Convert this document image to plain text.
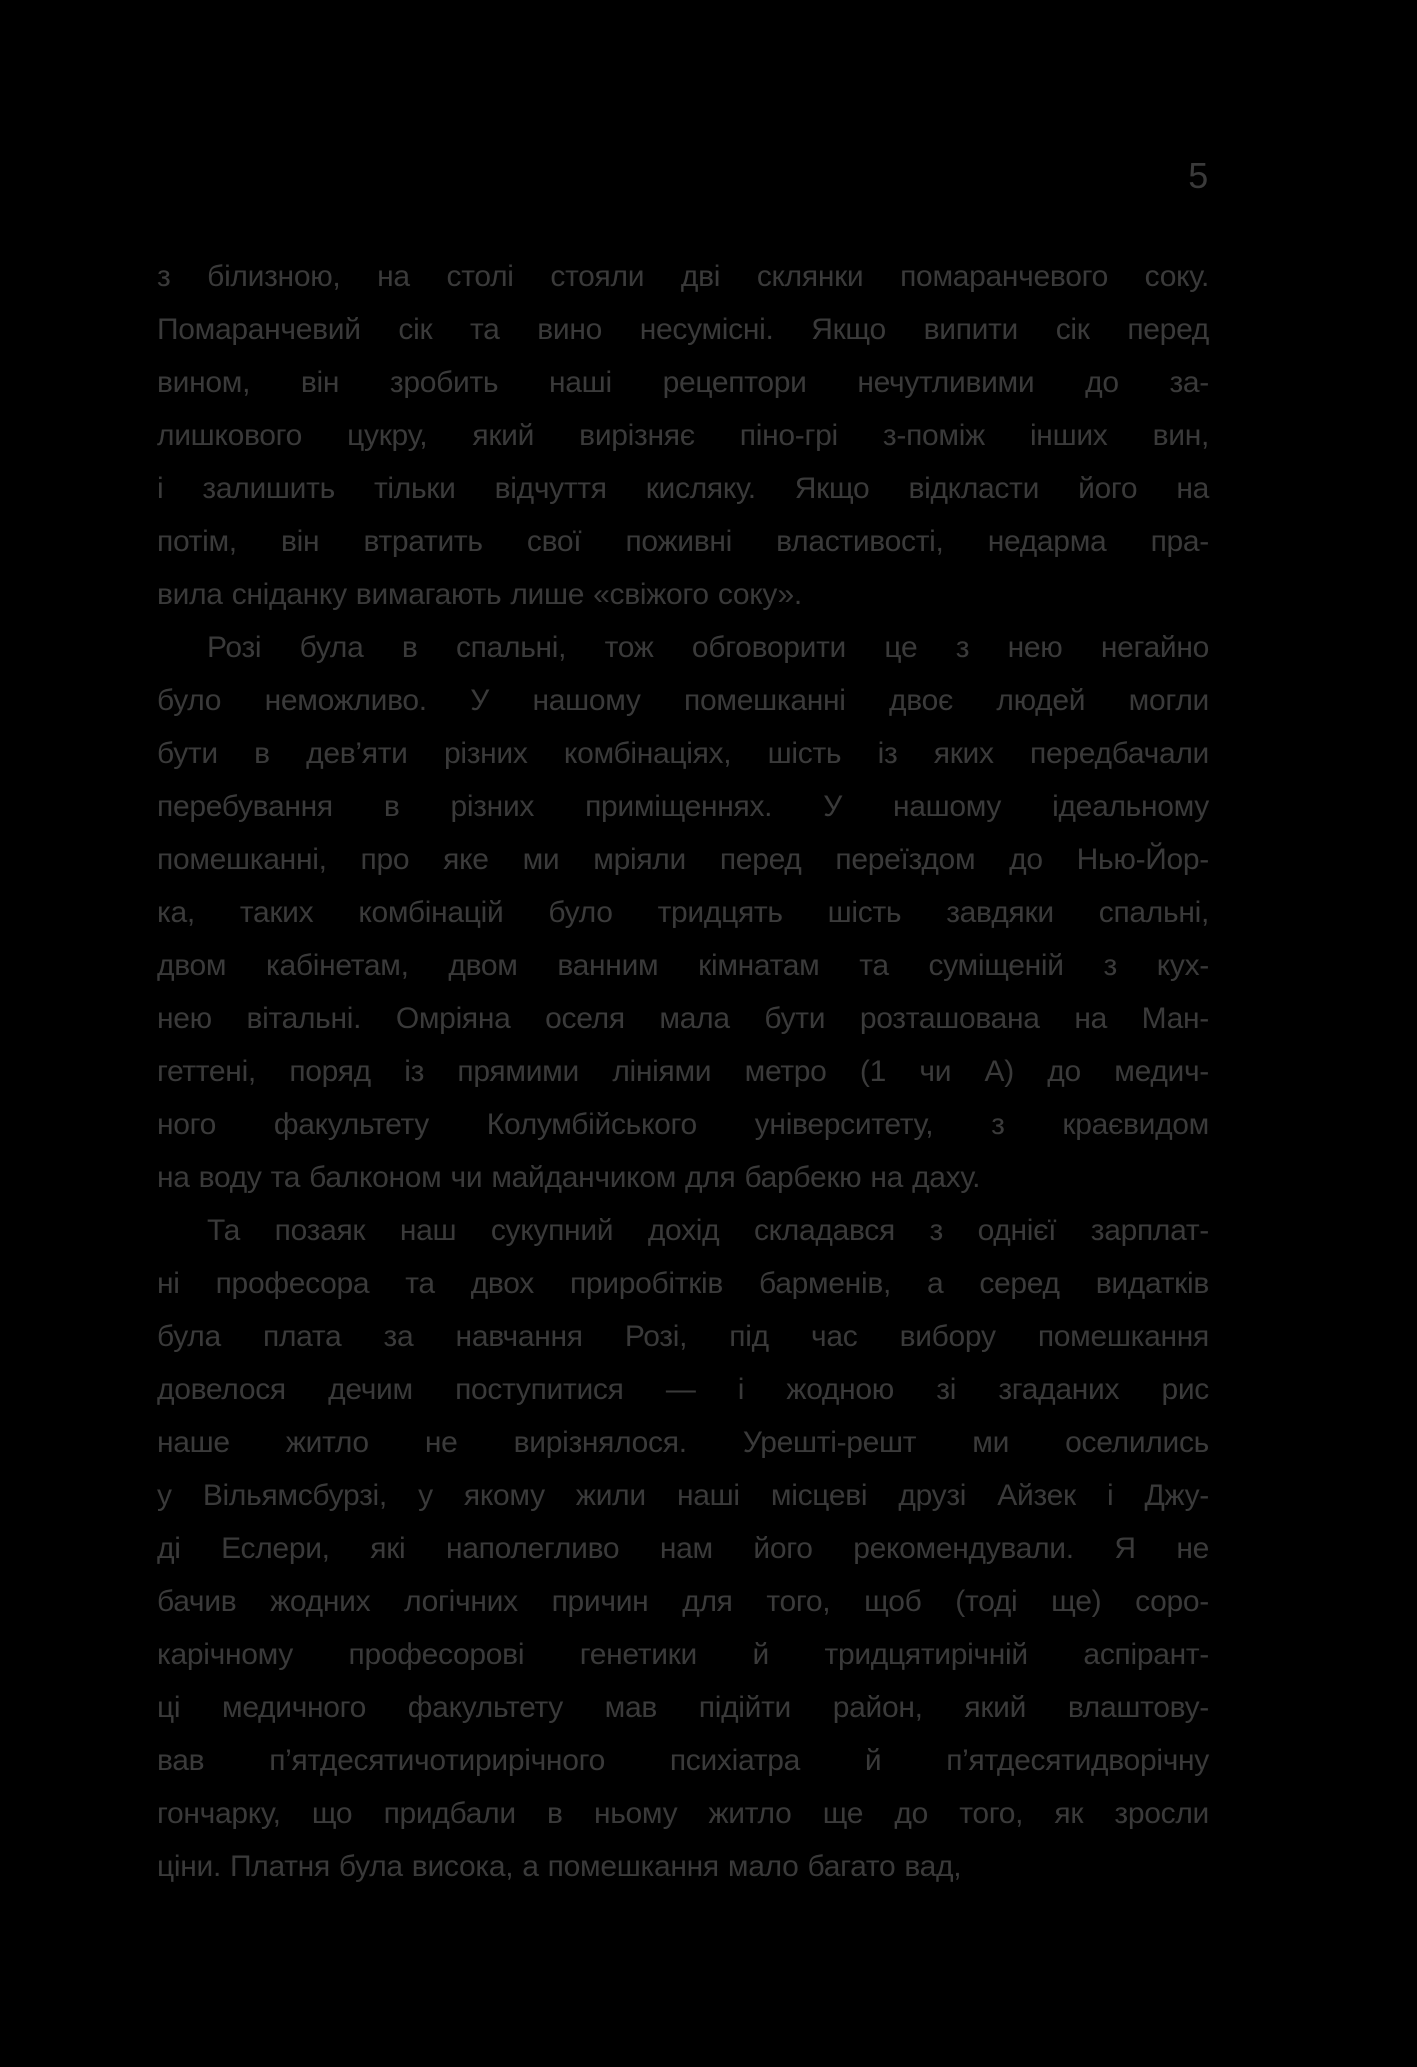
5
з білизною, на столі стояли дві склянки помаранчевого соку.
Помаранчевий сік та вино несумісні. Якщо випити сік перед
вином, він зробить наші рецептори нечутливими до за-
лишкового цукру, який вирізняє піно-грі з-поміж інших вин,
і залишить тільки відчуття кисляку. Якщо відкласти його на
потім, він втратить свої поживні властивості, недарма пра-
вила сніданку вимагають лише «свіжого соку».
Розі була в спальні, тож обговорити це з нею негайно
було неможливо. У нашому помешканні двоє людей могли
бути в дев’яти різних комбінаціях, шість із яких передбачали
перебування в різних приміщеннях. У нашому ідеальному
помешканні, про яке ми мріяли перед переїздом до Нью-Йор-
ка, таких комбінацій було тридцять шість завдяки спальні,
двом кабінетам, двом ванним кімнатам та суміщеній з кух-
нею вітальні. Омріяна оселя мала бути розташована на Ман-
геттені, поряд із прямими лініями метро (1 чи А) до медич-
ного факультету Колумбійського університету, з краєвидом
на воду та балконом чи майданчиком для барбекю на даху.
Та позаяк наш сукупний дохід складався з однієї зарплат-
ні професора та двох приробітків барменів, а серед видатків
була плата за навчання Розі, під час вибору помешкання
довелося дечим поступитися — і жодною зі згаданих рис
наше житло не вирізнялося. Урешті-решт ми оселились
у Вільямсбурзі, у якому жили наші місцеві друзі Айзек і Джу-
ді Еслери, які наполегливо нам його рекомендували. Я не
бачив жодних логічних причин для того, щоб (тоді ще) соро-
карічному професорові генетики й тридцятирічній аспірант-
ці медичного факультету мав підійти район, який влаштову-
вав п’ятдесятичотирирічного психіатра й п’ятдесятидворічну
гончарку, що придбали в ньому житло ще до того, як зросли
ціни. Платня була висока, а помешкання мало багато вад,
